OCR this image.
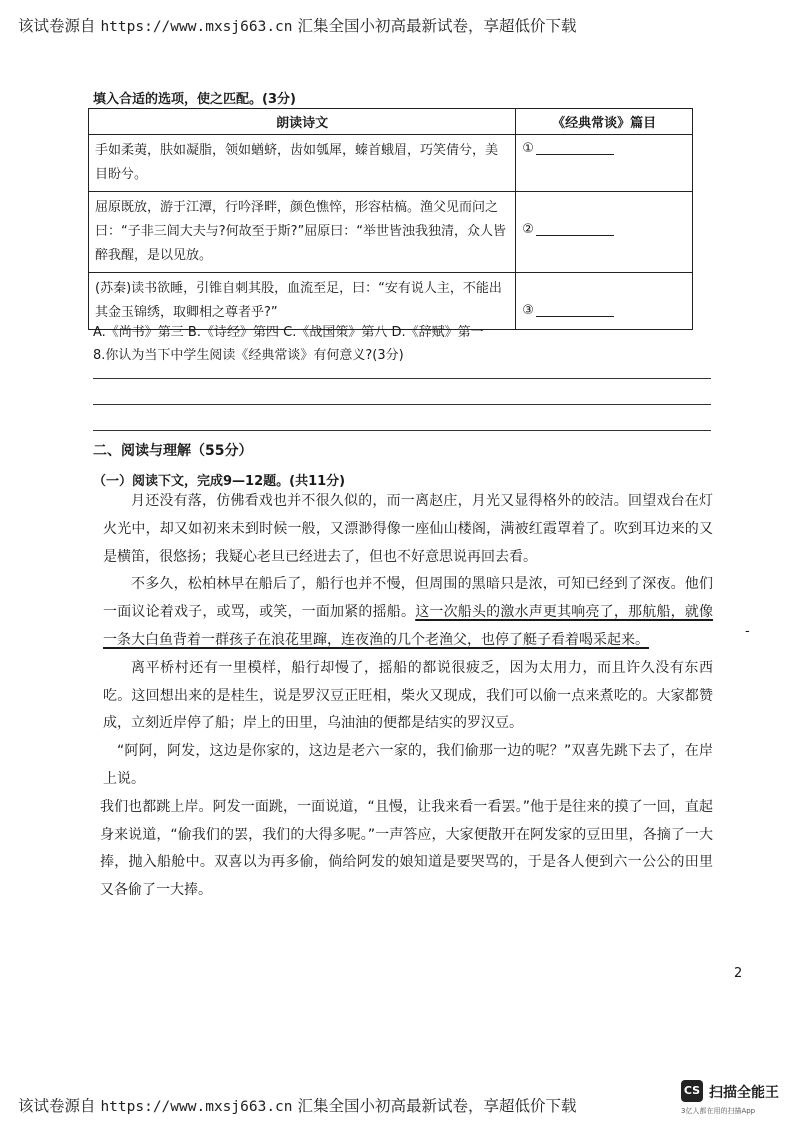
该试卷源自 https://www.mxsj663.cn 汇集全国小初高最新试卷，享超低价下载
填入合适的选项，使之匹配。(3分)
朗读诗文	《经典常谈》篇目
手如柔荑，肤如凝脂，领如蝤蛴，齿如瓠犀，螓首蛾眉，巧笑倩兮，美目盼兮。	①
屈原既放，游于江潭，行吟泽畔，颜色憔悴，形容枯槁。渔父见而问之曰：“子非三闾大夫与?何故至于斯?”屈原曰：“举世皆浊我独清，众人皆醉我醒，是以见放。	②
(苏秦)读书欲睡，引锥自刺其股，血流至足，曰：“安有说人主，不能出其金玉锦绣，取卿相之尊者乎?”	③
A.《尚书》第三 B.《诗经》第四 C.《战国策》第八 D.《辞赋》第一
8.你认为当下中学生阅读《经典常谈》有何意义?(3分)
二、阅读与理解（55分）
（一）阅读下文，完成9—12题。(共11分)

月还没有落，仿佛看戏也并不很久似的，而一离赵庄，月光又显得格外的皎洁。回望戏台在灯火光中，却又如初来未到时候一般，又漂渺得像一座仙山楼阁，满被红霞罩着了。吹到耳边来的又是横笛，很悠扬；我疑心老旦已经进去了，但也不好意思说再回去看。

不多久，松柏林早在船后了，船行也并不慢，但周围的黑暗只是浓，可知已经到了深夜。他们一面议论着戏子，或骂，或笑，一面加紧的摇船。这一次船头的激水声更其响亮了，那航船，就像一条大白鱼背着一群孩子在浪花里蹿，连夜渔的几个老渔父，也停了艇子看着喝采起来。

离平桥村还有一里模样，船行却慢了，摇船的都说很疲乏，因为太用力，而且许久没有东西吃。这回想出来的是桂生，说是罗汉豆正旺相，柴火又现成，我们可以偷一点来煮吃的。大家都赞成，立刻近岸停了船；岸上的田里，乌油油的便都是结实的罗汉豆。

“阿阿，阿发，这边是你家的，这边是老六一家的，我们偷那一边的呢？”双喜先跳下去了，在岸上说。

我们也都跳上岸。阿发一面跳，一面说道，“且慢，让我来看一看罢。”他于是往来的摸了一回，直起身来说道，“偷我们的罢，我们的大得多呢。”一声答应，大家便散开在阿发家的豆田里，各摘了一大捧，抛入船舱中。双喜以为再多偷，倘给阿发的娘知道是要哭骂的，于是各人便到六一公公的田里又各偷了一大捧。

-
2
该试卷源自 https://www.mxsj663.cn 汇集全国小初高最新试卷，享超低价下载
CS 扫描全能王
3亿人都在用的扫描App
